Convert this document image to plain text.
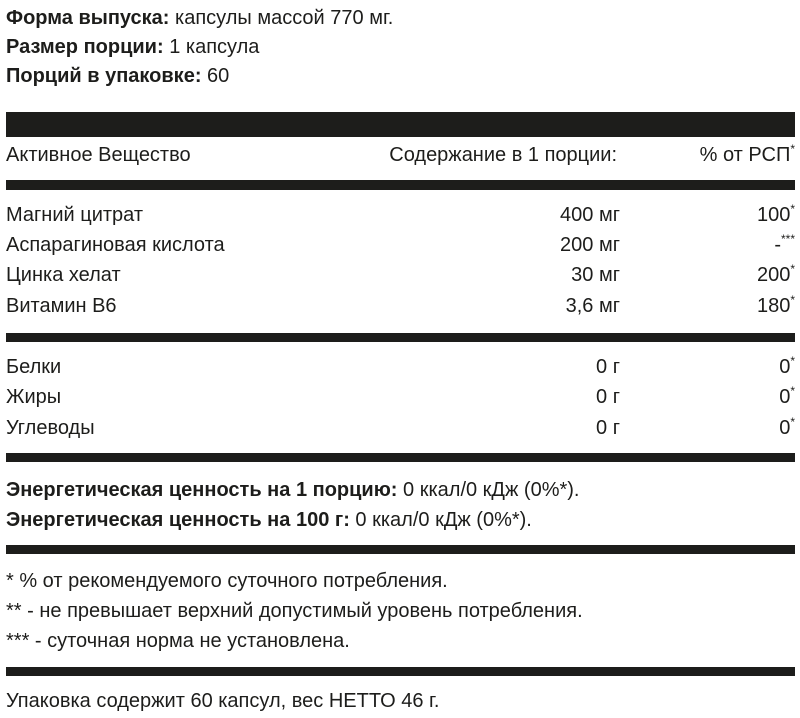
Форма выпуска: капсулы массой 770 мг.
Размер порции: 1 капсула
Порций в упаковке: 60
Активное Вещество	Содержание в 1 порции:	% от РСП*
Магний цитрат	400 мг	100*
Аспарагиновая кислота	200 мг	-***
Цинка хелат	30 мг	200*
Витамин В6	3,6 мг	180*
Белки	0 г	0*
Жиры	0 г	0*
Углеводы	0 г	0*
Энергетическая ценность на 1 порцию: 0 ккал/0 кДж (0%*).
Энергетическая ценность на 100 г: 0 ккал/0 кДж (0%*).
* % от рекомендуемого суточного потребления.
** - не превышает верхний допустимый уровень потребления.
*** - суточная норма не установлена.
Упаковка содержит 60 капсул, вес НЕТТО 46 г.
